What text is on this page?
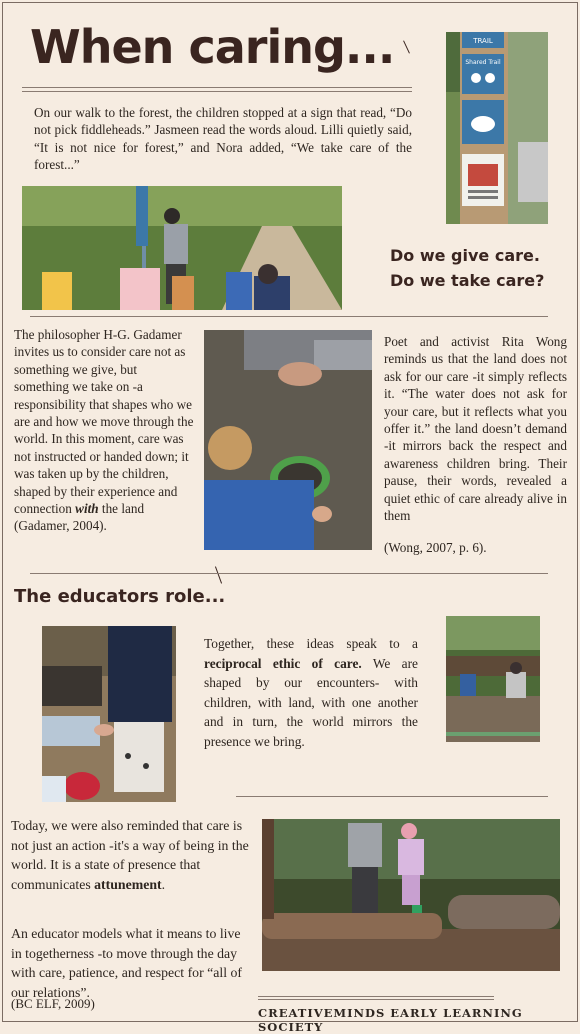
When caring...
On our walk to the forest, the children stopped at a sign that read, “Do not pick fiddleheads.” Jasmeen read the words aloud. Lilli quietly said, “It is not nice for forest,” and Nora added, “We take care of the forest...”
TRAIL
Shared Trail
Do we give care.
Do we take care?
The philosopher H-G. Gadamer invites us to consider care not as something we give, but something we take on -a responsibility that shapes who we are and how we move through the world. In this moment, care was not instructed or handed down; it was taken up by the children, shaped by their experience and connection with the land (Gadamer, 2004).
Poet and activist Rita Wong reminds us that the land does not ask for our care -it simply reflects it. “The water does not ask for your care, but it reflects what you offer it.” the land doesn’t demand -it mirrors back the respect and awareness children bring. Their pause, their words, revealed a quiet ethic of care already alive in them
(Wong, 2007, p. 6).
The educators role...
Together, these ideas speak to a reciprocal ethic of care. We are shaped by our encounters- with children, with land, with one another and in turn, the world mirrors the presence we bring.
Today, we were also reminded that care is not just an action -it's a way of being in the world. It is a state of presence that communicates attunement.
An educator models what it means to live in togetherness -to move through the day with care, patience, and respect for “all of our relations”.
(BC ELF, 2009)
CREATIVEMINDS EARLY LEARNING SOCIETY
